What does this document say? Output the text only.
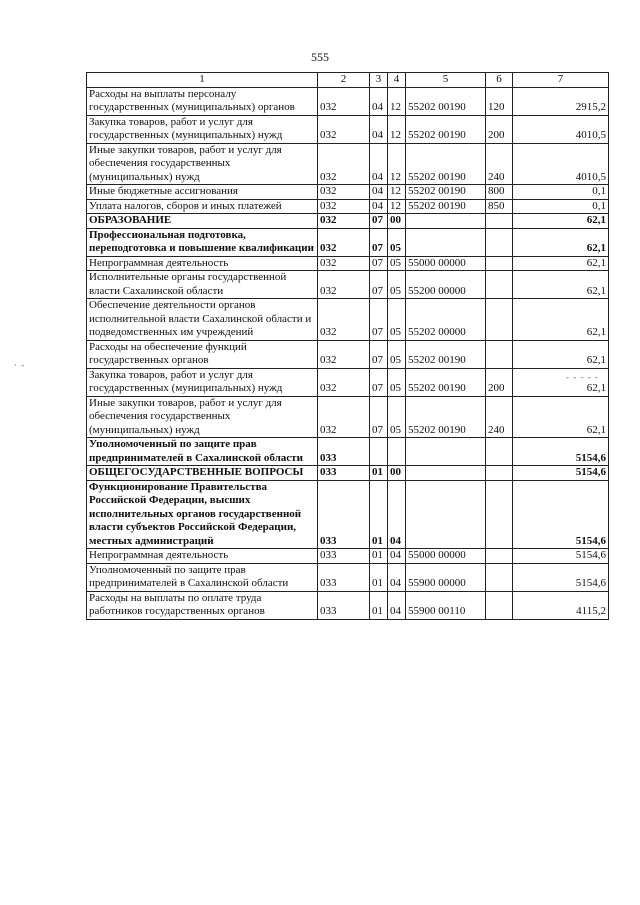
555
1	2	3	4	5	6	7
Расходы на выплаты персоналу государственных (муниципальных) органов	032	04	12	55202 00190	120	2915,2
Закупка товаров, работ и услуг для государственных (муниципальных) нужд	032	04	12	55202 00190	200	4010,5
Иные закупки товаров, работ и услуг для обеспечения государственных (муниципальных) нужд	032	04	12	55202 00190	240	4010,5
Иные бюджетные ассигнования	032	04	12	55202 00190	800	0,1
Уплата налогов, сборов и иных платежей	032	04	12	55202 00190	850	0,1
ОБРАЗОВАНИЕ	032	07	00			62,1
Профессиональная подготовка, переподготовка и повышение квалификации	032	07	05			62,1
Непрограммная деятельность	032	07	05	55000 00000		62,1
Исполнительные органы государственной власти Сахалинской области	032	07	05	55200 00000		62,1
Обеспечение деятельности органов исполнительной власти Сахалинской области и подведомственных им учреждений	032	07	05	55202 00000		62,1
Расходы на обеспечение функций государственных органов	032	07	05	55202 00190		62,1
Закупка товаров, работ и услуг для государственных (муниципальных) нужд	032	07	05	55202 00190	200	62,1
Иные закупки товаров, работ и услуг для обеспечения государственных (муниципальных) нужд	032	07	05	55202 00190	240	62,1
Уполномоченный по защите прав предпринимателей в Сахалинской области	033					5154,6
ОБЩЕГОСУДАРСТВЕННЫЕ ВОПРОСЫ	033	01	00			5154,6
Функционирование Правительства Российской Федерации, высших исполнительных органов государственной власти субъектов Российской Федерации, местных администраций	033	01	04			5154,6
Непрограммная деятельность	033	01	04	55000 00000		5154,6
Уполномоченный по защите прав предпринимателей в Сахалинской области	033	01	04	55900 00000		5154,6
Расходы на выплаты по оплате труда работников государственных органов	033	01	04	55900 00110		4115,2
· -
- - - - -
